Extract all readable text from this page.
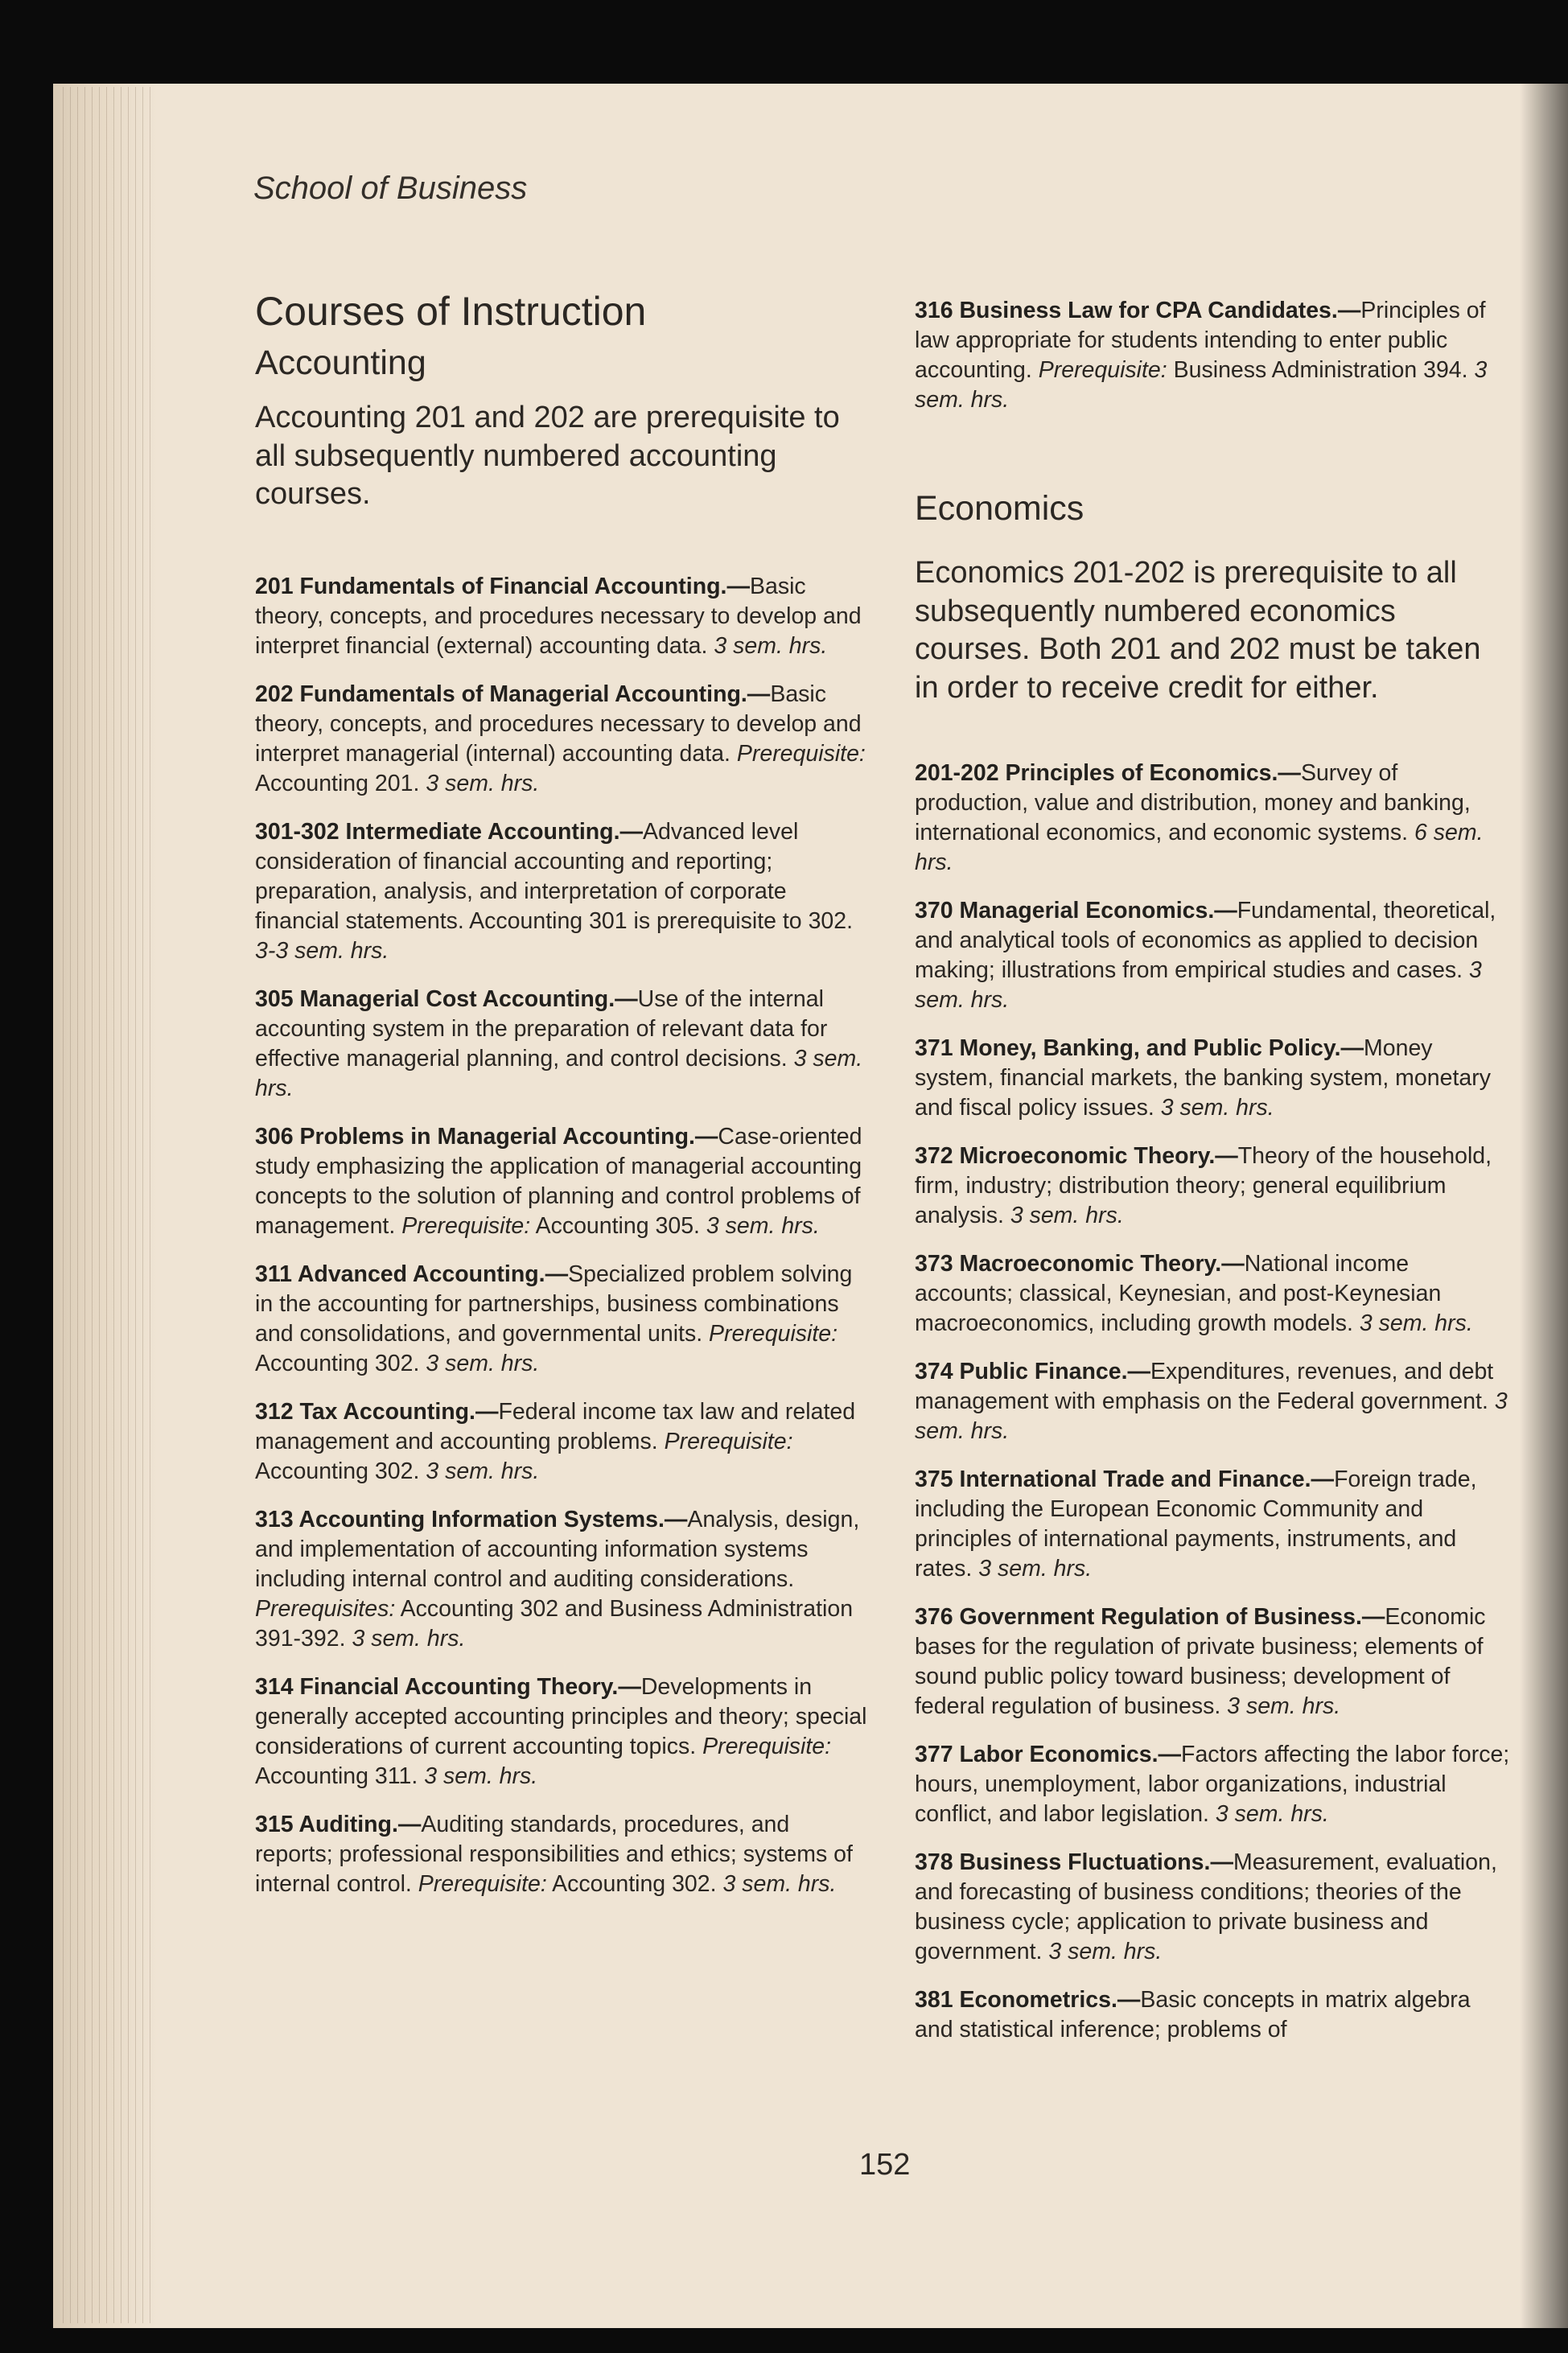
School of Business
Courses of Instruction
Accounting

Accounting 201 and 202 are prerequisite to all subsequently numbered accounting courses.

201 Fundamentals of Financial Accounting.—Basic theory, concepts, and procedures necessary to develop and interpret financial (external) accounting data. 3 sem. hrs.

202 Fundamentals of Managerial Accounting.—Basic theory, concepts, and procedures necessary to develop and interpret managerial (internal) accounting data. Prerequisite: Accounting 201. 3 sem. hrs.

301-302 Intermediate Accounting.—Advanced level consideration of financial accounting and reporting; preparation, analysis, and interpretation of corporate financial statements. Accounting 301 is prerequisite to 302. 3-3 sem. hrs.

305 Managerial Cost Accounting.—Use of the internal accounting system in the preparation of relevant data for effective managerial planning, and control decisions. 3 sem. hrs.

306 Problems in Managerial Accounting.—Case-oriented study emphasizing the application of managerial accounting concepts to the solution of planning and control problems of management. Prerequisite: Accounting 305. 3 sem. hrs.

311 Advanced Accounting.—Specialized problem solving in the accounting for partnerships, business combinations and consolidations, and governmental units. Prerequisite: Accounting 302. 3 sem. hrs.

312 Tax Accounting.—Federal income tax law and related management and accounting problems. Prerequisite: Accounting 302. 3 sem. hrs.

313 Accounting Information Systems.—Analysis, design, and implementation of accounting information systems including internal control and auditing considerations. Prerequisites: Accounting 302 and Business Administration 391-392. 3 sem. hrs.

314 Financial Accounting Theory.—Developments in generally accepted accounting principles and theory; special considerations of current accounting topics. Prerequisite: Accounting 311. 3 sem. hrs.

315 Auditing.—Auditing standards, procedures, and reports; professional responsibilities and ethics; systems of internal control. Prerequisite: Accounting 302. 3 sem. hrs.

316 Business Law for CPA Candidates.—Principles of law appropriate for students intending to enter public accounting. Prerequisite: Business Administration 394. 3 sem. hrs.

Economics

Economics 201-202 is prerequisite to all subsequently numbered economics courses. Both 201 and 202 must be taken in order to receive credit for either.

201-202 Principles of Economics.—Survey of production, value and distribution, money and banking, international economics, and economic systems. 6 sem. hrs.

370 Managerial Economics.—Fundamental, theoretical, and analytical tools of economics as applied to decision making; illustrations from empirical studies and cases. 3 sem. hrs.

371 Money, Banking, and Public Policy.—Money system, financial markets, the banking system, monetary and fiscal policy issues. 3 sem. hrs.

372 Microeconomic Theory.—Theory of the household, firm, industry; distribution theory; general equilibrium analysis. 3 sem. hrs.

373 Macroeconomic Theory.—National income accounts; classical, Keynesian, and post-Keynesian macroeconomics, including growth models. 3 sem. hrs.

374 Public Finance.—Expenditures, revenues, and debt management with emphasis on the Federal government. 3 sem. hrs.

375 International Trade and Finance.—Foreign trade, including the European Economic Community and principles of international payments, instruments, and rates. 3 sem. hrs.

376 Government Regulation of Business.—Economic bases for the regulation of private business; elements of sound public policy toward business; development of federal regulation of business. 3 sem. hrs.

377 Labor Economics.—Factors affecting the labor force; hours, unemployment, labor organizations, industrial conflict, and labor legislation. 3 sem. hrs.

378 Business Fluctuations.—Measurement, evaluation, and forecasting of business conditions; theories of the business cycle; application to private business and government. 3 sem. hrs.

381 Econometrics.—Basic concepts in matrix algebra and statistical inference; problems of

152
